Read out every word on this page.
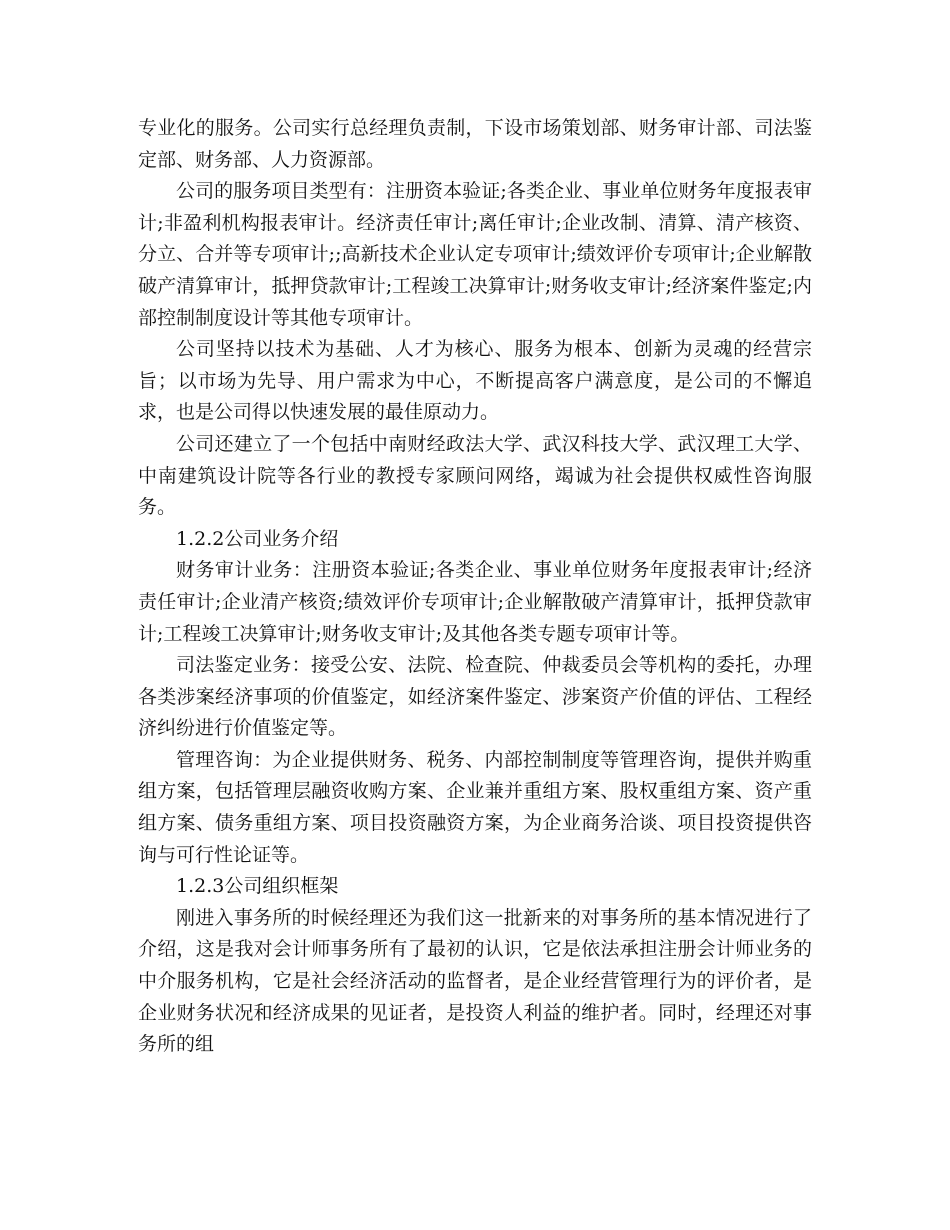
专业化的服务。公司实行总经理负责制，下设市场策划部、财务审计部、司法鉴定部、财务部、人力资源部。

公司的服务项目类型有：注册资本验证;各类企业、事业单位财务年度报表审计;非盈利机构报表审计。经济责任审计;离任审计;企业改制、清算、清产核资、分立、合并等专项审计;;高新技术企业认定专项审计;绩效评价专项审计;企业解散破产清算审计，抵押贷款审计;工程竣工决算审计;财务收支审计;经济案件鉴定;内部控制制度设计等其他专项审计。

公司坚持以技术为基础、人才为核心、服务为根本、创新为灵魂的经营宗旨；以市场为先导、用户需求为中心，不断提高客户满意度，是公司的不懈追求，也是公司得以快速发展的最佳原动力。

公司还建立了一个包括中南财经政法大学、武汉科技大学、武汉理工大学、中南建筑设计院等各行业的教授专家顾问网络，竭诚为社会提供权威性咨询服务。

1.2.2公司业务介绍

财务审计业务：注册资本验证;各类企业、事业单位财务年度报表审计;经济责任审计;企业清产核资;绩效评价专项审计;企业解散破产清算审计，抵押贷款审计;工程竣工决算审计;财务收支审计;及其他各类专题专项审计等。

司法鉴定业务：接受公安、法院、检查院、仲裁委员会等机构的委托，办理各类涉案经济事项的价值鉴定，如经济案件鉴定、涉案资产价值的评估、工程经济纠纷进行价值鉴定等。

管理咨询：为企业提供财务、税务、内部控制制度等管理咨询，提供并购重组方案，包括管理层融资收购方案、企业兼并重组方案、股权重组方案、资产重组方案、债务重组方案、项目投资融资方案，为企业商务洽谈、项目投资提供咨询与可行性论证等。

1.2.3公司组织框架

刚进入事务所的时候经理还为我们这一批新来的对事务所的基本情况进行了介绍，这是我对会计师事务所有了最初的认识，它是依法承担注册会计师业务的中介服务机构，它是社会经济活动的监督者，是企业经营管理行为的评价者，是企业财务状况和经济成果的见证者，是投资人利益的维护者。同时，经理还对事务所的组
